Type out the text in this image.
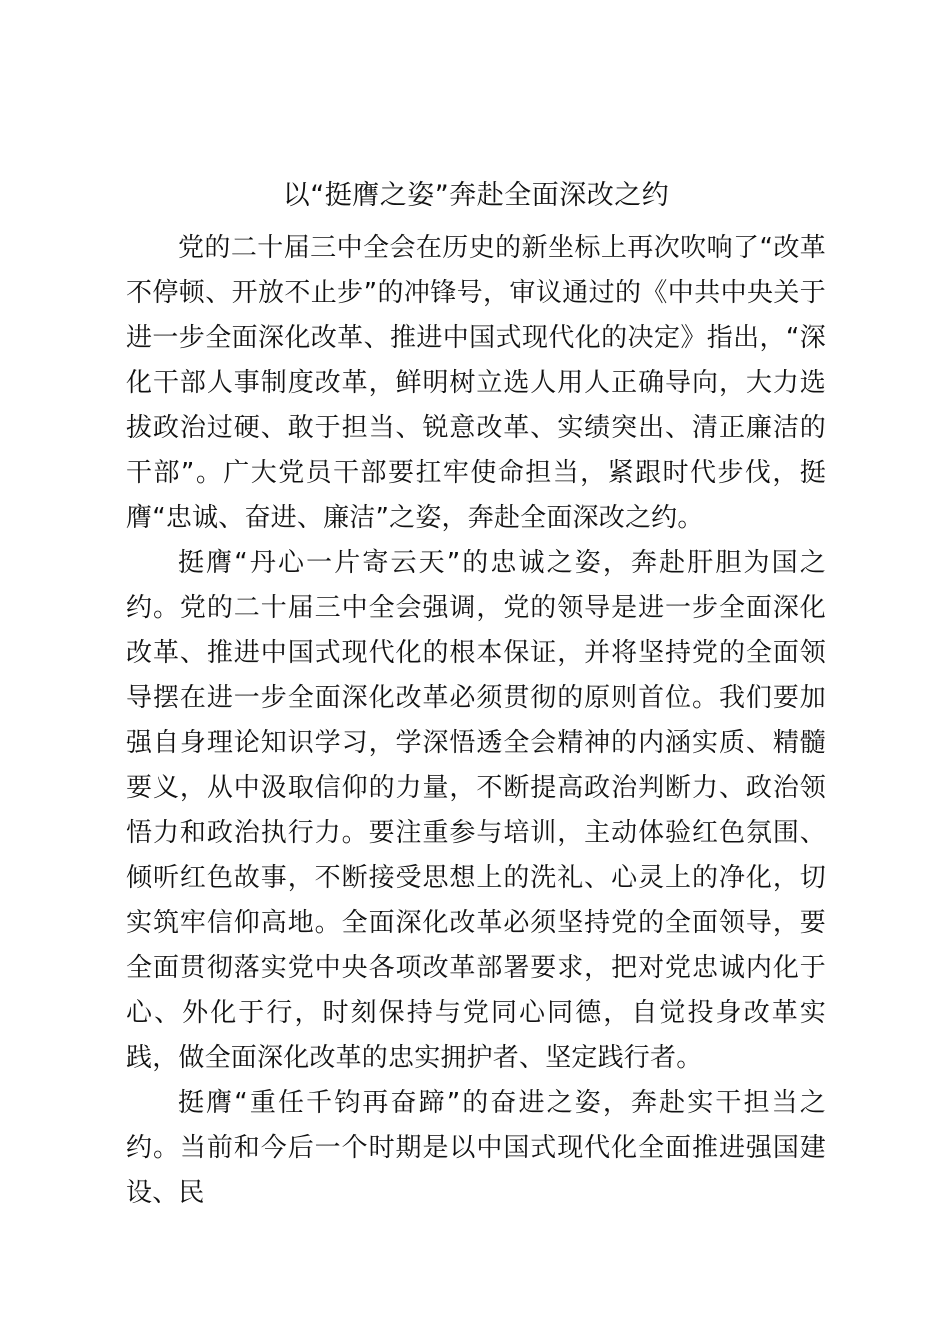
以“挺膺之姿”奔赴全面深改之约

党的二十届三中全会在历史的新坐标上再次吹响了“改革不停顿、开放不止步”的冲锋号，审议通过的《中共中央关于进一步全面深化改革、推进中国式现代化的决定》指出，“深化干部人事制度改革，鲜明树立选人用人正确导向，大力选拔政治过硬、敢于担当、锐意改革、实绩突出、清正廉洁的干部”。广大党员干部要扛牢使命担当，紧跟时代步伐，挺膺“忠诚、奋进、廉洁”之姿，奔赴全面深改之约。

挺膺“丹心一片寄云天”的忠诚之姿，奔赴肝胆为国之约。党的二十届三中全会强调，党的领导是进一步全面深化改革、推进中国式现代化的根本保证，并将坚持党的全面领导摆在进一步全面深化改革必须贯彻的原则首位。我们要加强自身理论知识学习，学深悟透全会精神的内涵实质、精髓要义，从中汲取信仰的力量，不断提高政治判断力、政治领悟力和政治执行力。要注重参与培训，主动体验红色氛围、倾听红色故事，不断接受思想上的洗礼、心灵上的净化，切实筑牢信仰高地。全面深化改革必须坚持党的全面领导，要全面贯彻落实党中央各项改革部署要求，把对党忠诚内化于心、外化于行，时刻保持与党同心同德，自觉投身改革实践，做全面深化改革的忠实拥护者、坚定践行者。

挺膺“重任千钧再奋蹄”的奋进之姿，奔赴实干担当之约。当前和今后一个时期是以中国式现代化全面推进强国建设、民
